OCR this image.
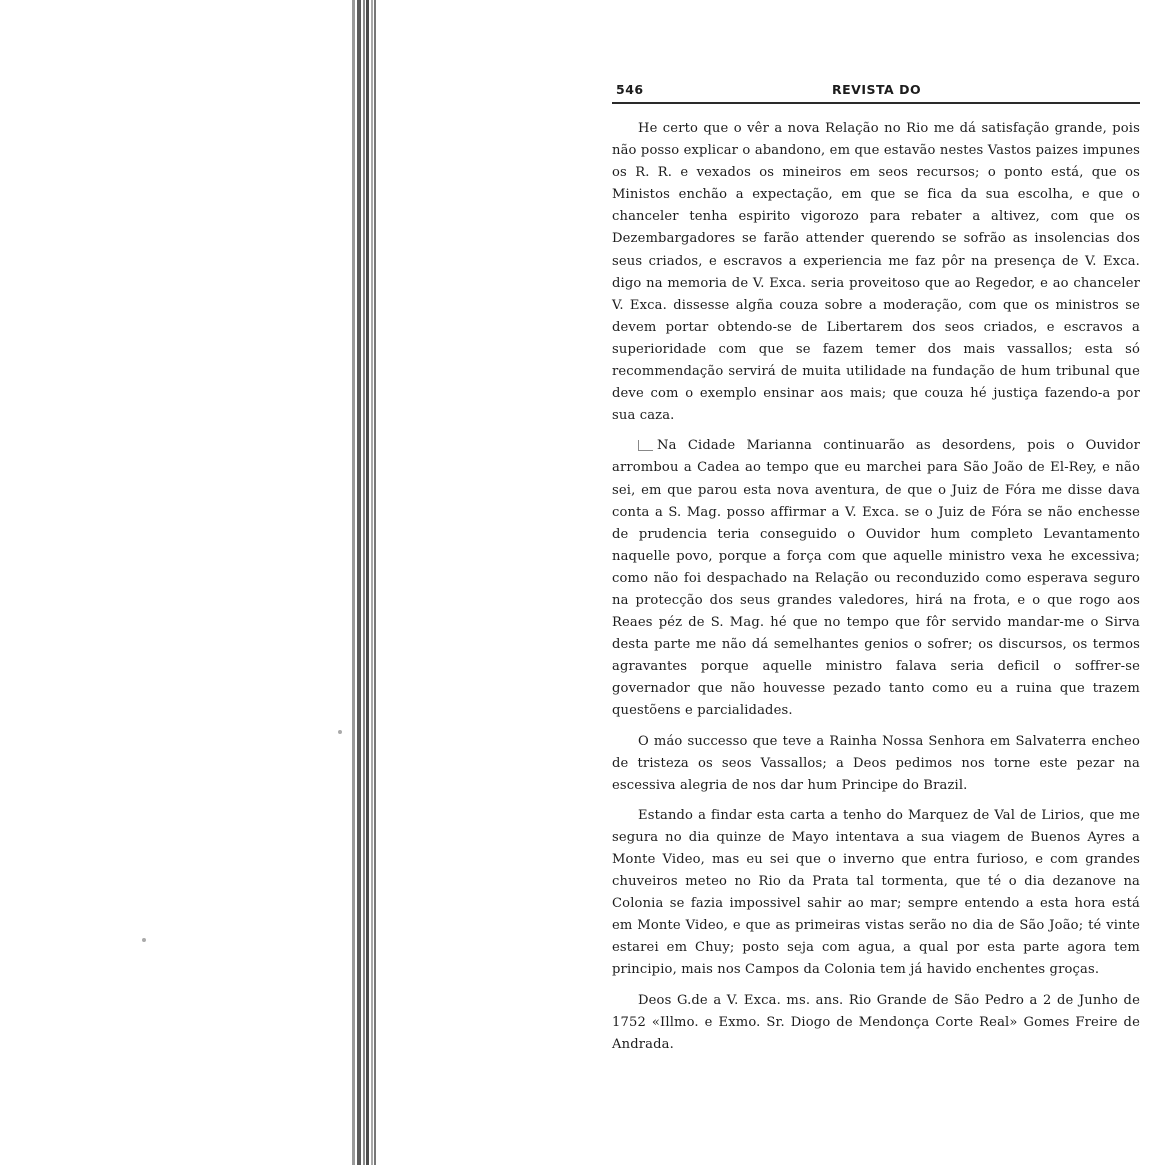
546	REVISTA DO

He certo que o vêr a nova Relação no Rio me dá satisfação grande, pois não posso explicar o abandono, em que estavão nestes Vastos paizes impunes os R. R. e vexados os mineiros em seos recursos; o ponto está, que os Ministos enchão a expectação, em que se fica da sua escolha, e que o chanceler tenha espirito vigorozo para rebater a altivez, com que os Dezembargadores se farão attender querendo se sofrão as insolencias dos seus criados, e escravos a experiencia me faz pôr na presença de V. Exca. digo na memoria de V. Exca. seria proveitoso que ao Regedor, e ao chanceler V. Exca. dissesse algña couza sobre a moderação, com que os ministros se devem portar obtendo-se de Libertarem dos seos criados, e escravos a superioridade com que se fazem temer dos mais vassallos; esta só recommendação servirá de muita utilidade na fundação de hum tribunal que deve com o exemplo ensinar aos mais; que couza hé justiça fazendo-a por sua caza.

Na Cidade Marianna continuarão as desordens, pois o Ouvidor arrombou a Cadea ao tempo que eu marchei para São João de El-Rey, e não sei, em que parou esta nova aventura, de que o Juiz de Fóra me disse dava conta a S. Mag. posso affirmar a V. Exca. se o Juiz de Fóra se não enchesse de prudencia teria conseguido o Ouvidor hum completo Levantamento naquelle povo, porque a força com que aquelle ministro vexa he excessiva; como não foi despachado na Relação ou reconduzido como esperava seguro na protecção dos seus grandes valedores, hirá na frota, e o que rogo aos Reaes péz de S. Mag. hé que no tempo que fôr servido mandar-me o Sirva desta parte me não dá semelhantes genios o sofrer; os discursos, os termos agravantes porque aquelle ministro falava seria deficil o soffrer-se governador que não houvesse pezado tanto como eu a ruina que trazem questõens e parcialidades.

O máo successo que teve a Rainha Nossa Senhora em Salvaterra encheo de tristeza os seos Vassallos; a Deos pedimos nos torne este pezar na escessiva alegria de nos dar hum Principe do Brazil.

Estando a findar esta carta a tenho do Marquez de Val de Lirios, que me segura no dia quinze de Mayo intentava a sua viagem de Buenos Ayres a Monte Video, mas eu sei que o inverno que entra furioso, e com grandes chuveiros meteo no Rio da Prata tal tormenta, que té o dia dezanove na Colonia se fazia impossivel sahir ao mar; sempre entendo a esta hora está em Monte Video, e que as primeiras vistas serão no dia de São João; té vinte estarei em Chuy; posto seja com agua, a qual por esta parte agora tem principio, mais nos Campos da Colonia tem já havido enchentes groças.

Deos G.de a V. Exca. ms. ans. Rio Grande de São Pedro a 2 de Junho de 1752 «Illmo. e Exmo. Sr. Diogo de Mendonça Corte Real» Gomes Freire de Andrada.
